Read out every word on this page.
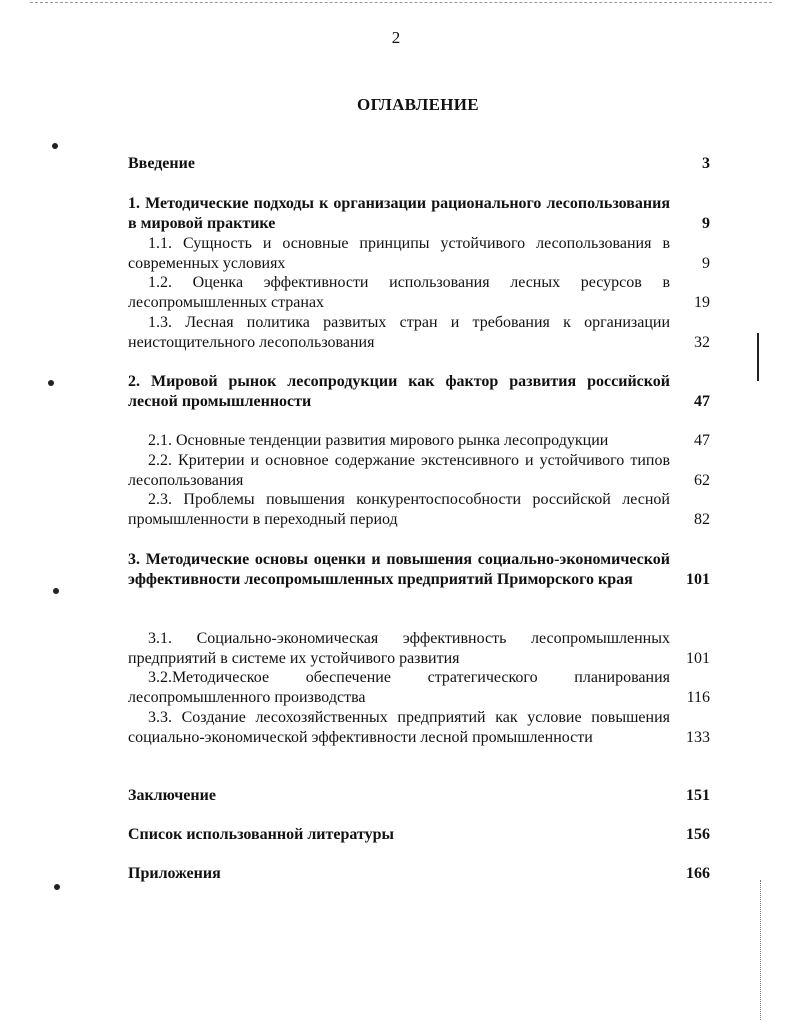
2
ОГЛАВЛЕНИЕ
Введение	3
1. Методические подходы к организации рационального лесопользования в мировой практике	9
1.1. Сущность и основные принципы устойчивого лесопользования в современных условиях	9
1.2. Оценка эффективности использования лесных ресурсов в лесопромышленных странах	19
1.3. Лесная политика развитых стран и требования к организации неистощительного лесопользования	32
2. Мировой рынок лесопродукции как фактор развития российской лесной промышленности	47
2.1. Основные тенденции развития мирового рынка лесопродукции	47
2.2. Критерии и основное содержание экстенсивного и устойчивого типов лесопользования	62
2.3. Проблемы повышения конкурентоспособности российской лесной промышленности в переходный период	82
3. Методические основы оценки и повышения социально-экономической эффективности лесопромышленных предприятий Приморского края	101
3.1. Социально-экономическая эффективность лесопромышленных предприятий в системе их устойчивого развития	101
3.2.Методическое обеспечение стратегического планирования лесопромышленного производства	116
3.3. Создание лесохозяйственных предприятий как условие повышения социально-экономической эффективности лесной промышленности	133
Заключение	151
Список использованной литературы	156
Приложения	166
